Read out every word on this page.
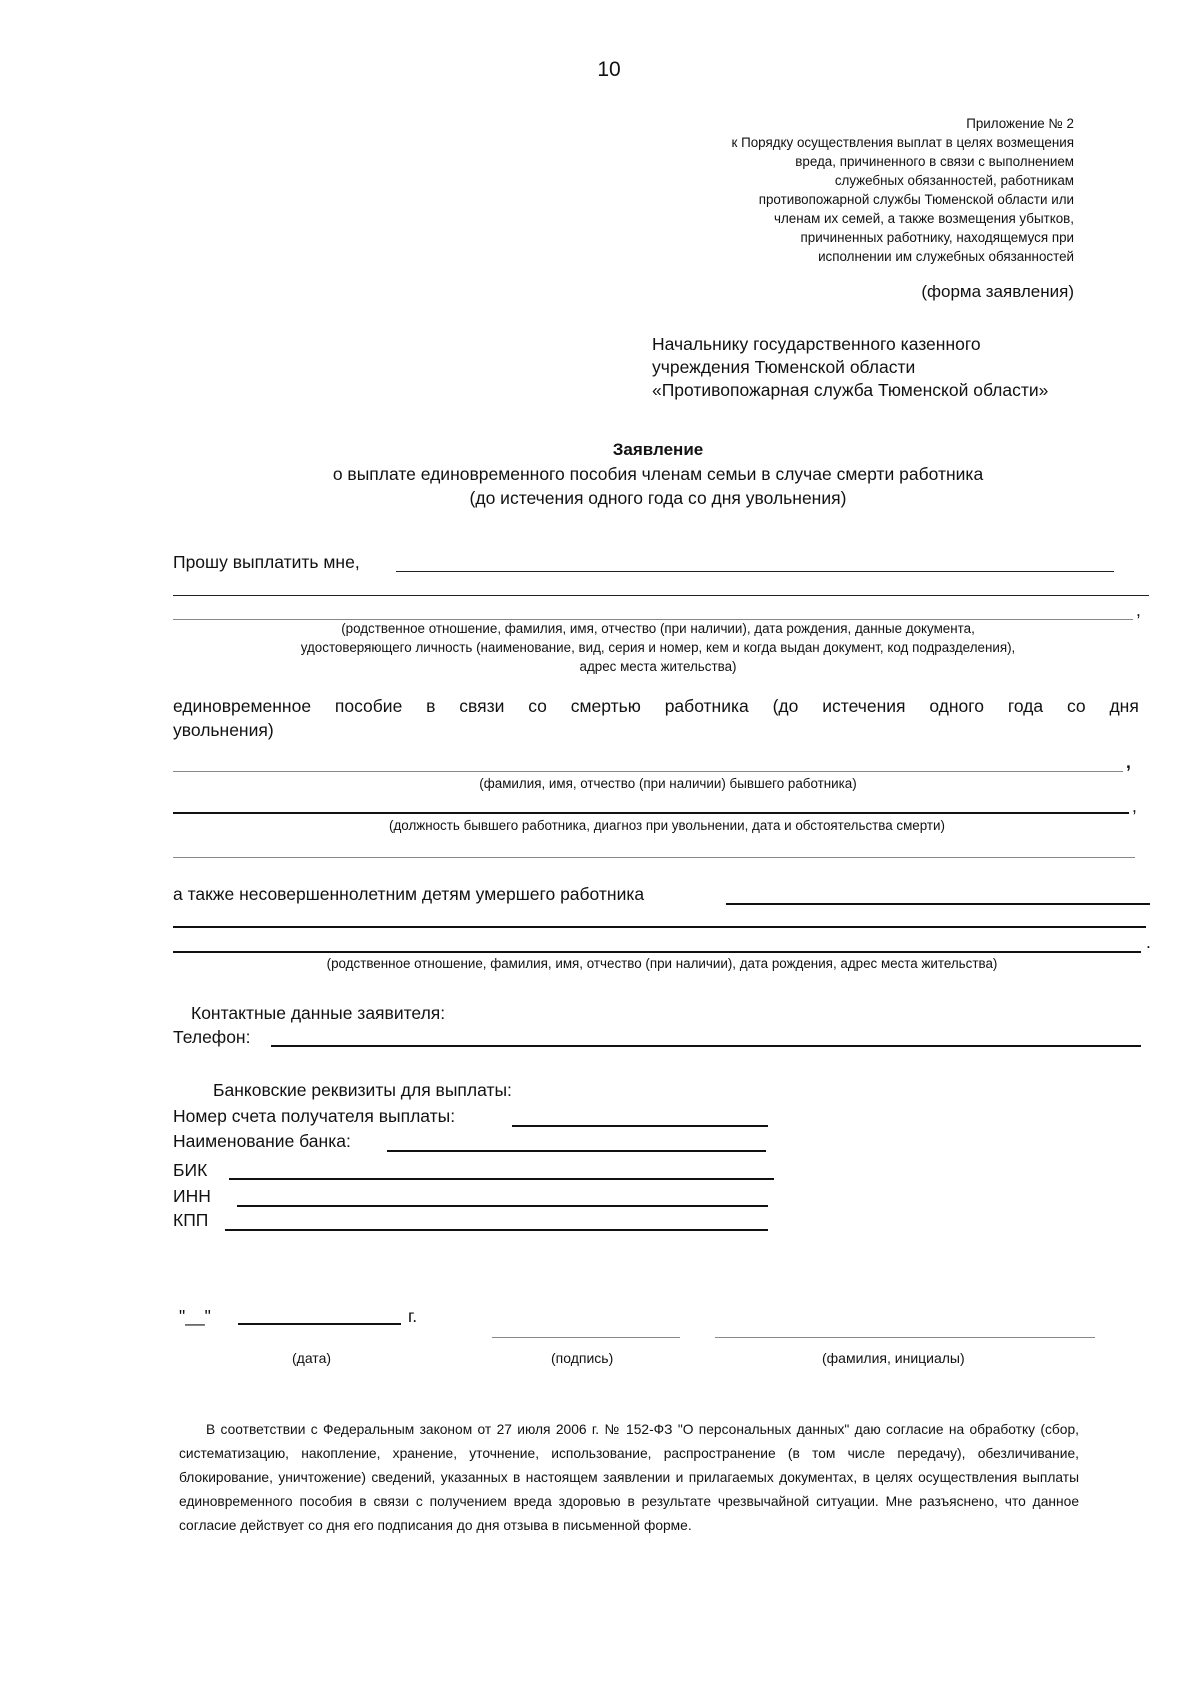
10
Приложение № 2
к Порядку осуществления выплат в целях возмещения
вреда, причиненного в связи с выполнением
служебных обязанностей, работникам
противопожарной службы Тюменской области или
членам их семей, а также возмещения убытков,
причиненных работнику, находящемуся при
исполнении им служебных обязанностей
(форма заявления)
Начальнику государственного казенного
учреждения Тюменской области
«Противопожарная служба Тюменской области»
Заявление
о выплате единовременного пособия членам семьи в случае смерти работника
(до истечения одного года со дня увольнения)
Прошу выплатить мне,
,
(родственное отношение, фамилия, имя, отчество (при наличии), дата рождения, данные документа,
удостоверяющего личность (наименование, вид, серия и номер, кем и когда выдан документ, код подразделения),
адрес места жительства)
единовременное пособие в связи со смертью работника (до истечения одного года со дня
увольнения)
,
(фамилия, имя, отчество (при наличии) бывшего работника)
,
(должность бывшего работника, диагноз при увольнении, дата и обстоятельства смерти)
а также несовершеннолетним детям умершего работника
.
(родственное отношение, фамилия, имя, отчество (при наличии), дата рождения, адрес места жительства)
Контактные данные заявителя:
Телефон:
Банковские реквизиты для выплаты:
Номер счета получателя выплаты:
Наименование банка:
БИК
ИНН
КПП
"__"	г.
(дата)	(подпись)	(фамилия, инициалы)
В соответствии с Федеральным законом от 27 июля 2006 г. № 152-ФЗ "О персональных данных" даю согласие на обработку (сбор, систематизацию, накопление, хранение, уточнение, использование, распространение (в том числе передачу), обезличивание, блокирование, уничтожение) сведений, указанных в настоящем заявлении и прилагаемых документах, в целях осуществления выплаты единовременного пособия в связи с получением вреда здоровью в результате чрезвычайной ситуации. Мне разъяснено, что данное согласие действует со дня его подписания до дня отзыва в письменной форме.
